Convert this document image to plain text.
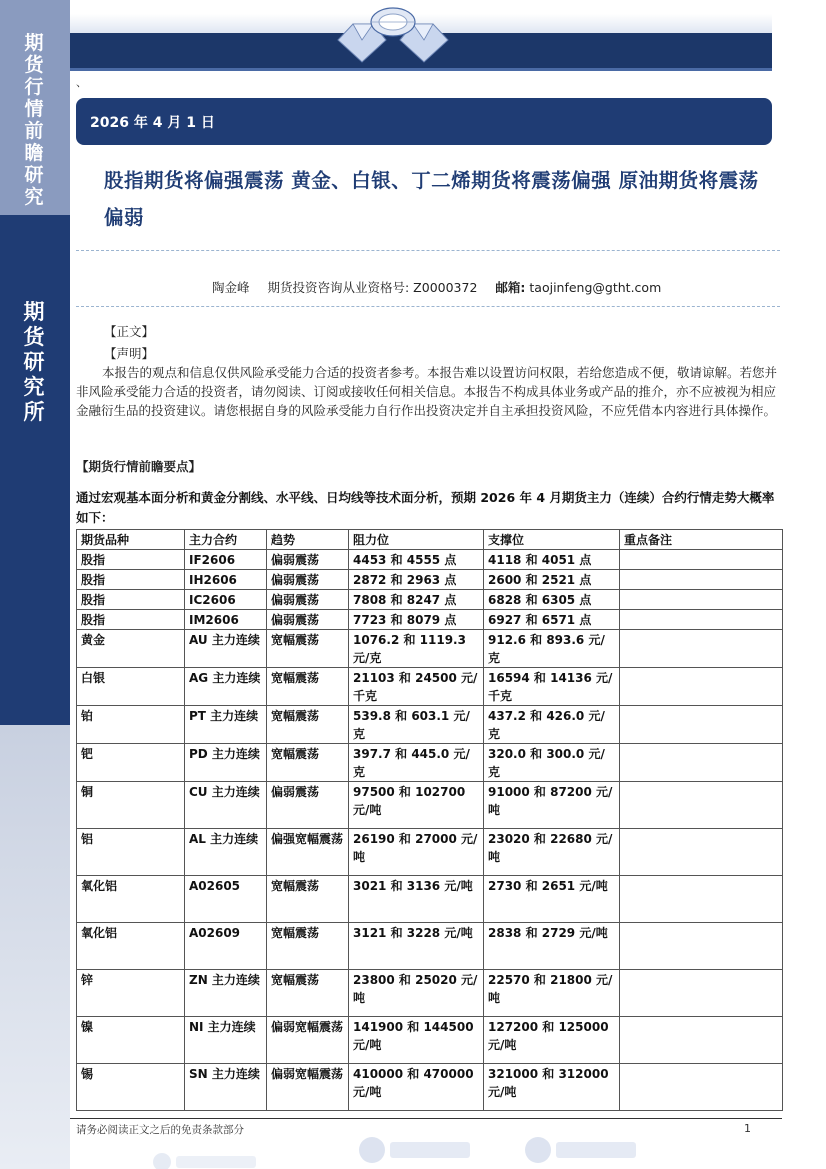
期货行情前瞻研究
期货研究所
、
2026 年 4 月 1 日
股指期货将偏强震荡 黄金、白银、丁二烯期货将震荡偏强 原油期货将震荡偏弱
陶金峰 期货投资咨询从业资格号: Z0000372 邮箱: taojinfeng@gtht.com
【正文】
【声明】
本报告的观点和信息仅供风险承受能力合适的投资者参考。本报告难以设置访问权限，若给您造成不便，敬请谅解。若您并非风险承受能力合适的投资者，请勿阅读、订阅或接收任何相关信息。本报告不构成具体业务或产品的推介，亦不应被视为相应金融衍生品的投资建议。请您根据自身的风险承受能力自行作出投资决定并自主承担投资风险，不应凭借本内容进行具体操作。
【期货行情前瞻要点】
通过宏观基本面分析和黄金分割线、水平线、日均线等技术面分析，预期 2026 年 4 月期货主力（连续）合约行情走势大概率如下：
期货品种	主力合约	趋势	阻力位	支撑位	重点备注
股指	IF2606	偏弱震荡	4453 和 4555 点	4118 和 4051 点	
股指	IH2606	偏弱震荡	2872 和 2963 点	2600 和 2521 点	
股指	IC2606	偏弱震荡	7808 和 8247 点	6828 和 6305 点	
股指	IM2606	偏弱震荡	7723 和 8079 点	6927 和 6571 点	
黄金	AU 主力连续	宽幅震荡	1076.2 和 1119.3 元/克	912.6 和 893.6 元/克	
白银	AG 主力连续	宽幅震荡	21103 和 24500 元/千克	16594 和 14136 元/千克	
铂	PT 主力连续	宽幅震荡	539.8 和 603.1 元/克	437.2 和 426.0 元/克	
钯	PD 主力连续	宽幅震荡	397.7 和 445.0 元/克	320.0 和 300.0 元/克	
铜	CU 主力连续	偏弱震荡	97500 和 102700 元/吨	91000 和 87200 元/吨	
铝	AL 主力连续	偏强宽幅震荡	26190 和 27000 元/吨	23020 和 22680 元/吨	
氧化铝	A02605	宽幅震荡	3021 和 3136 元/吨	2730 和 2651 元/吨	
氧化铝	A02609	宽幅震荡	3121 和 3228 元/吨	2838 和 2729 元/吨	
锌	ZN 主力连续	宽幅震荡	23800 和 25020 元/吨	22570 和 21800 元/吨	
镍	NI 主力连续	偏弱宽幅震荡	141900 和 144500 元/吨	127200 和 125000 元/吨	
锡	SN 主力连续	偏弱宽幅震荡	410000 和 470000 元/吨	321000 和 312000 元/吨	
请务必阅读正文之后的免责条款部分	1
